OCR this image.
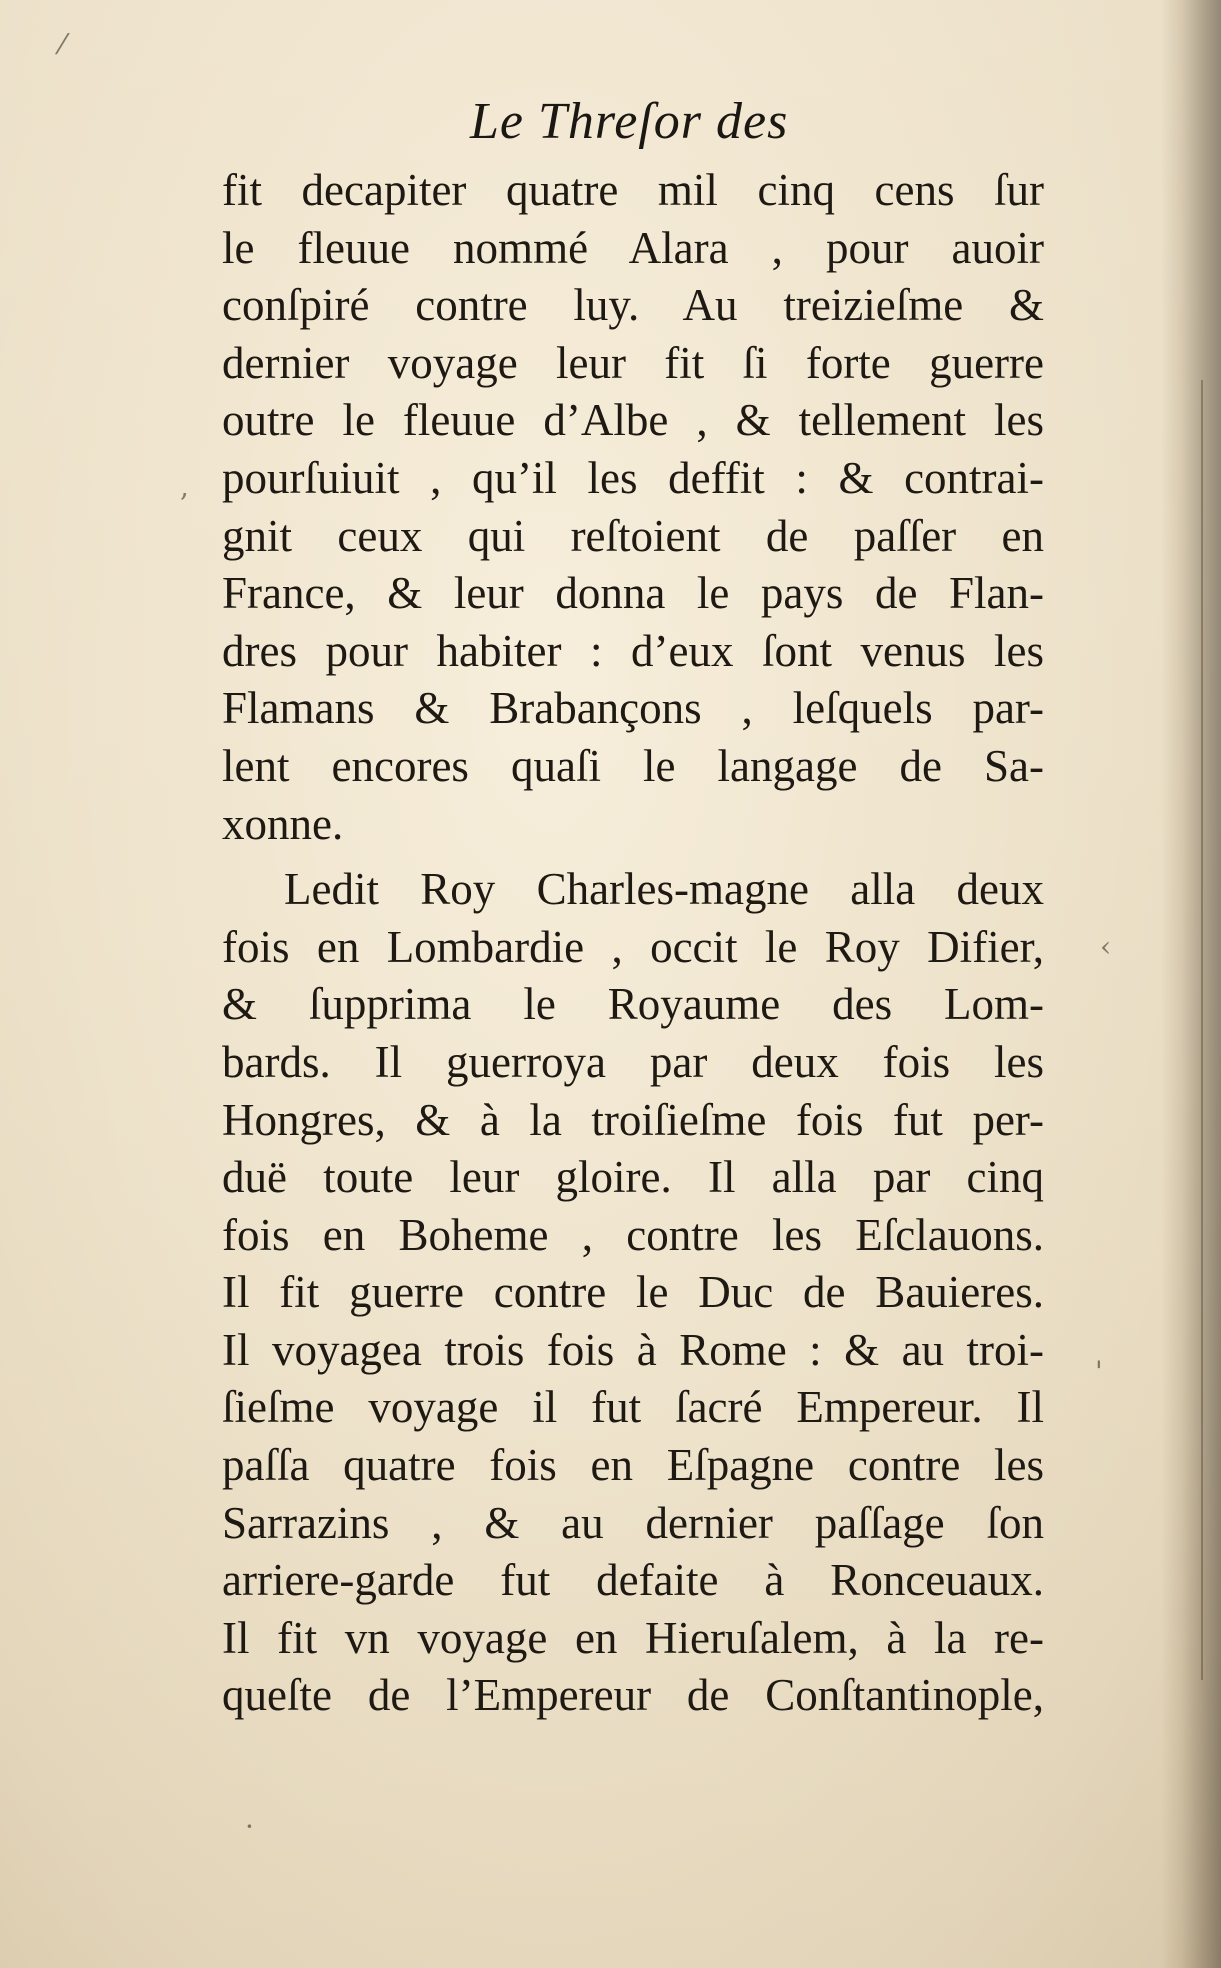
Le Threſor des
fit decapiter quatre mil cinq cens ſur
le fleuue nommé Alara , pour auoir
conſpiré contre luy. Au treizieſme &
dernier voyage leur fit ſi forte guerre
outre le fleuue d’Albe , & tellement les
pourſuiuit , qu’il les deffit : & contrai-
gnit ceux qui reſtoient de paſſer en
France, & leur donna le pays de Flan-
dres pour habiter : d’eux ſont venus les
Flamans & Brabançons , leſquels par-
lent encores quaſi le langage de Sa-
xonne.
Ledit Roy Charles-magne alla deux
fois en Lombardie , occit le Roy Difier,
& ſupprima le Royaume des Lom-
bards. Il guerroya par deux fois les
Hongres, & à la troiſieſme fois fut per-
duë toute leur gloire. Il alla par cinq
fois en Boheme , contre les Eſclauons.
Il fit guerre contre le Duc de Bauieres.
Il voyagea trois fois à Rome : & au troi-
ſieſme voyage il fut ſacré Empereur. Il
paſſa quatre fois en Eſpagne contre les
Sarrazins , & au dernier paſſage ſon
arriere-garde fut defaite à Ronceuaux.
Il fit vn voyage en Hieruſalem, à la re-
queſte de l’Empereur de Conſtantinople,
⁄
,
‹
'
·
